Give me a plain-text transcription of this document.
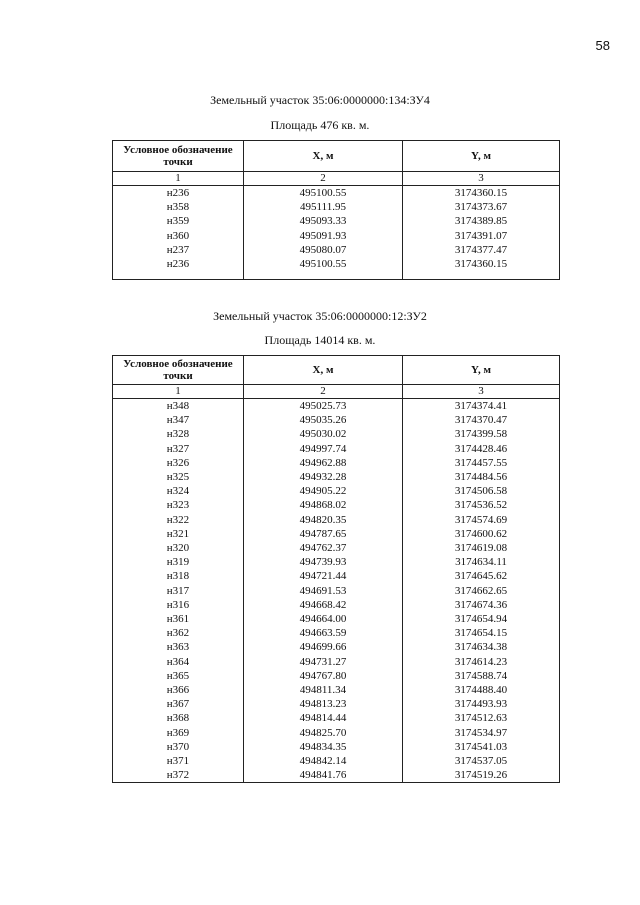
58
Земельный участок 35:06:0000000:134:ЗУ4
Площадь 476 кв. м.
Условное обозначение точки	X, м	Y, м
1	2	3
н236	495100.55	3174360.15
н358	495111.95	3174373.67
н359	495093.33	3174389.85
н360	495091.93	3174391.07
н237	495080.07	3174377.47
н236	495100.55	3174360.15

Земельный участок 35:06:0000000:12:ЗУ2
Площадь 14014 кв. м.
Условное обозначение точки	X, м	Y, м
1	2	3
н348	495025.73	3174374.41
н347	495035.26	3174370.47
н328	495030.02	3174399.58
н327	494997.74	3174428.46
н326	494962.88	3174457.55
н325	494932.28	3174484.56
н324	494905.22	3174506.58
н323	494868.02	3174536.52
н322	494820.35	3174574.69
н321	494787.65	3174600.62
н320	494762.37	3174619.08
н319	494739.93	3174634.11
н318	494721.44	3174645.62
н317	494691.53	3174662.65
н316	494668.42	3174674.36
н361	494664.00	3174654.94
н362	494663.59	3174654.15
н363	494699.66	3174634.38
н364	494731.27	3174614.23
н365	494767.80	3174588.74
н366	494811.34	3174488.40
н367	494813.23	3174493.93
н368	494814.44	3174512.63
н369	494825.70	3174534.97
н370	494834.35	3174541.03
н371	494842.14	3174537.05
н372	494841.76	3174519.26
